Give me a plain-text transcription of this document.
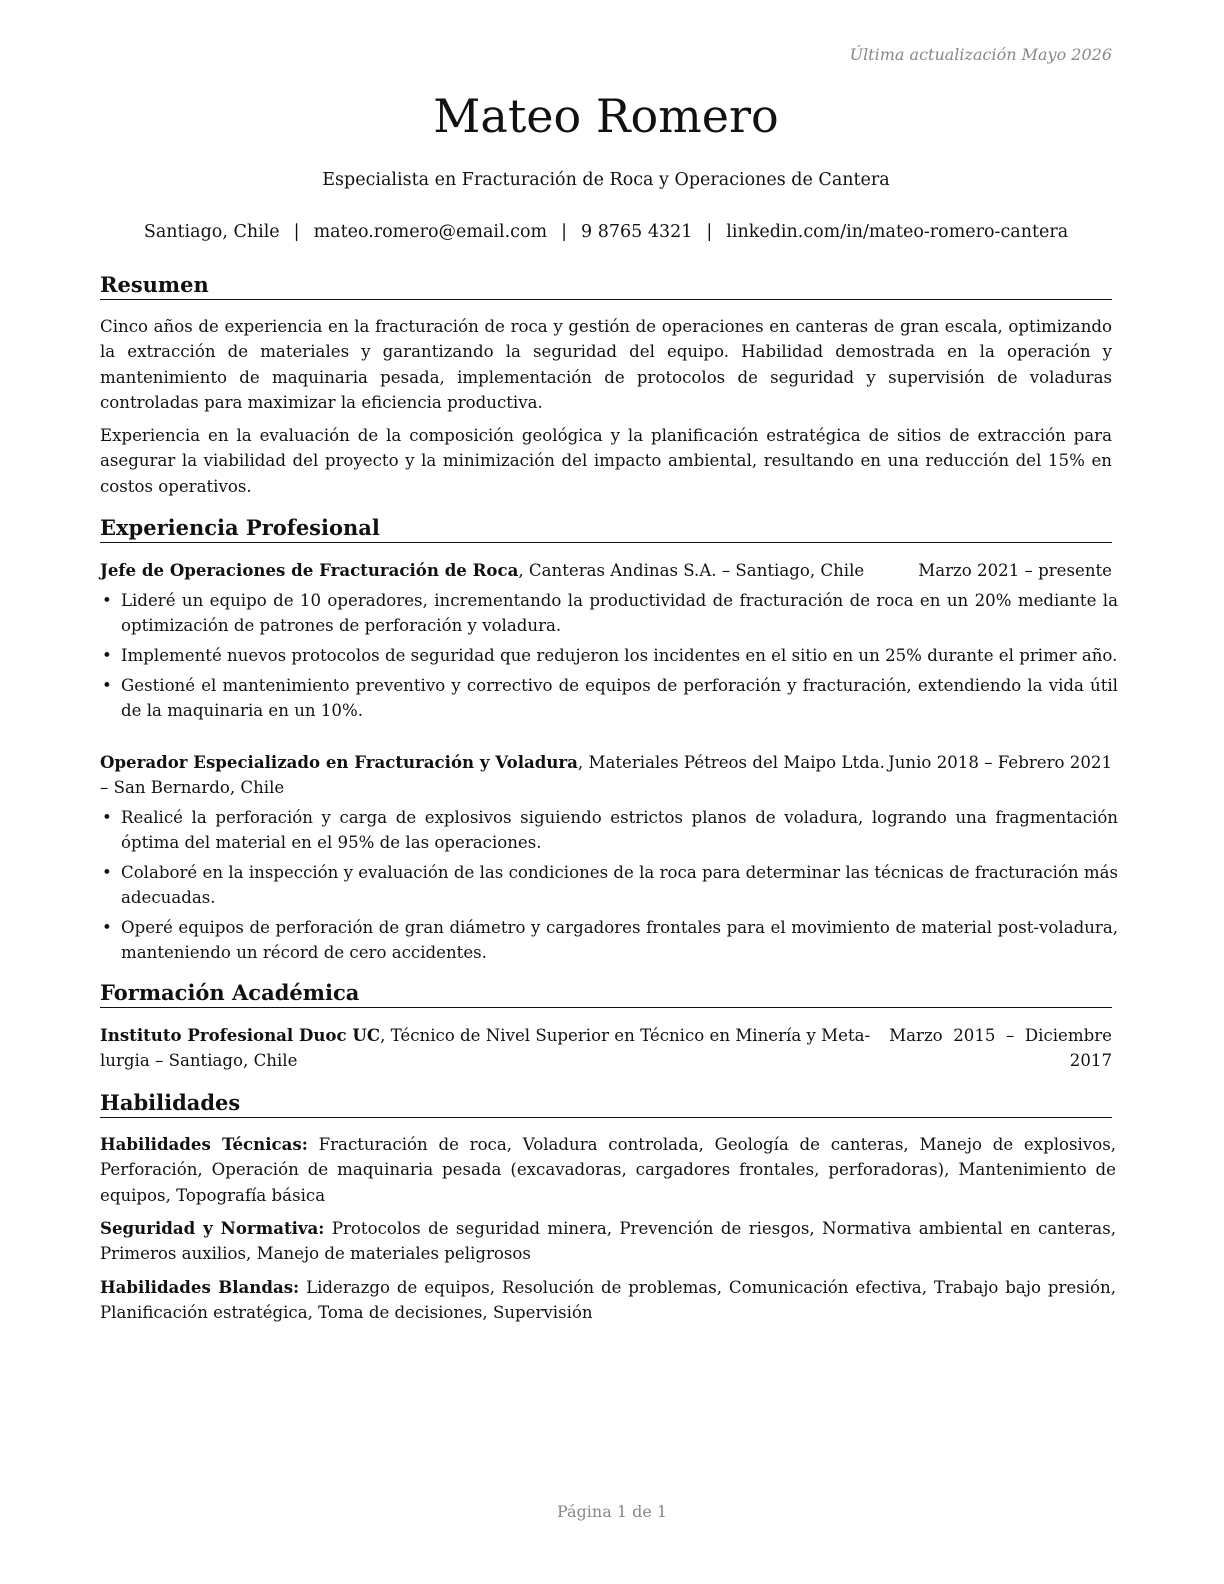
Última actualización Mayo 2026
Mateo Romero
Especialista en Fracturación de Roca y Operaciones de Cantera
Santiago, Chile | mateo.romero@email.com | 9 8765 4321 | linkedin.com/in/mateo-romero-cantera
Resumen
Cinco años de experiencia en la fracturación de roca y gestión de operaciones en canteras de gran escala, optimizando la extracción de materiales y garantizando la seguridad del equipo. Habilidad demostrada en la operación y mantenimiento de maquinaria pesada, implementación de protocolos de seguridad y supervisión de voladuras controladas para maximizar la eficiencia productiva.
Experiencia en la evaluación de la composición geológica y la planificación estratégica de sitios de extracción para asegurar la viabilidad del proyecto y la minimización del impacto ambiental, resultando en una reducción del 15% en costos operativos.
Experiencia Profesional
Jefe de Operaciones de Fracturación de Roca, Canteras Andinas S.A. – Santiago, Chile	Marzo 2021 – presente
• Lideré un equipo de 10 operadores, incrementando la productividad de fracturación de roca en un 20% mediante la optimización de patrones de perforación y voladura.
• Implementé nuevos protocolos de seguridad que redujeron los incidentes en el sitio en un 25% durante el primer año.
• Gestioné el mantenimiento preventivo y correctivo de equipos de perforación y fracturación, extendiendo la vida útil de la maquinaria en un 10%.
Operador Especializado en Fracturación y Voladura, Materiales Pétreos del Maipo Ltda. Junio 2018 – Febrero 2021
– San Bernardo, Chile
• Realicé la perforación y carga de explosivos siguiendo estrictos planos de voladura, logrando una fragmentación óptima del material en el 95% de las operaciones.
• Colaboré en la inspección y evaluación de las condiciones de la roca para determinar las técnicas de fracturación más adecuadas.
• Operé equipos de perforación de gran diámetro y cargadores frontales para el movimiento de material post-voladura, manteniendo un récord de cero accidentes.
Formación Académica
Instituto Profesional Duoc UC, Técnico de Nivel Superior en Técnico en Minería y Meta-
lurgia – Santiago, Chile
Marzo  2015  –  Diciembre
2017
Habilidades
Habilidades Técnicas: Fracturación de roca, Voladura controlada, Geología de canteras, Manejo de explosivos, Perforación, Operación de maquinaria pesada (excavadoras, cargadores frontales, perforadoras), Mantenimiento de equipos, Topografía básica
Seguridad y Normativa: Protocolos de seguridad minera, Prevención de riesgos, Normativa ambiental en canteras, Primeros auxilios, Manejo de materiales peligrosos
Habilidades Blandas: Liderazgo de equipos, Resolución de problemas, Comunicación efectiva, Trabajo bajo presión, Planificación estratégica, Toma de decisiones, Supervisión
Página 1 de 1
